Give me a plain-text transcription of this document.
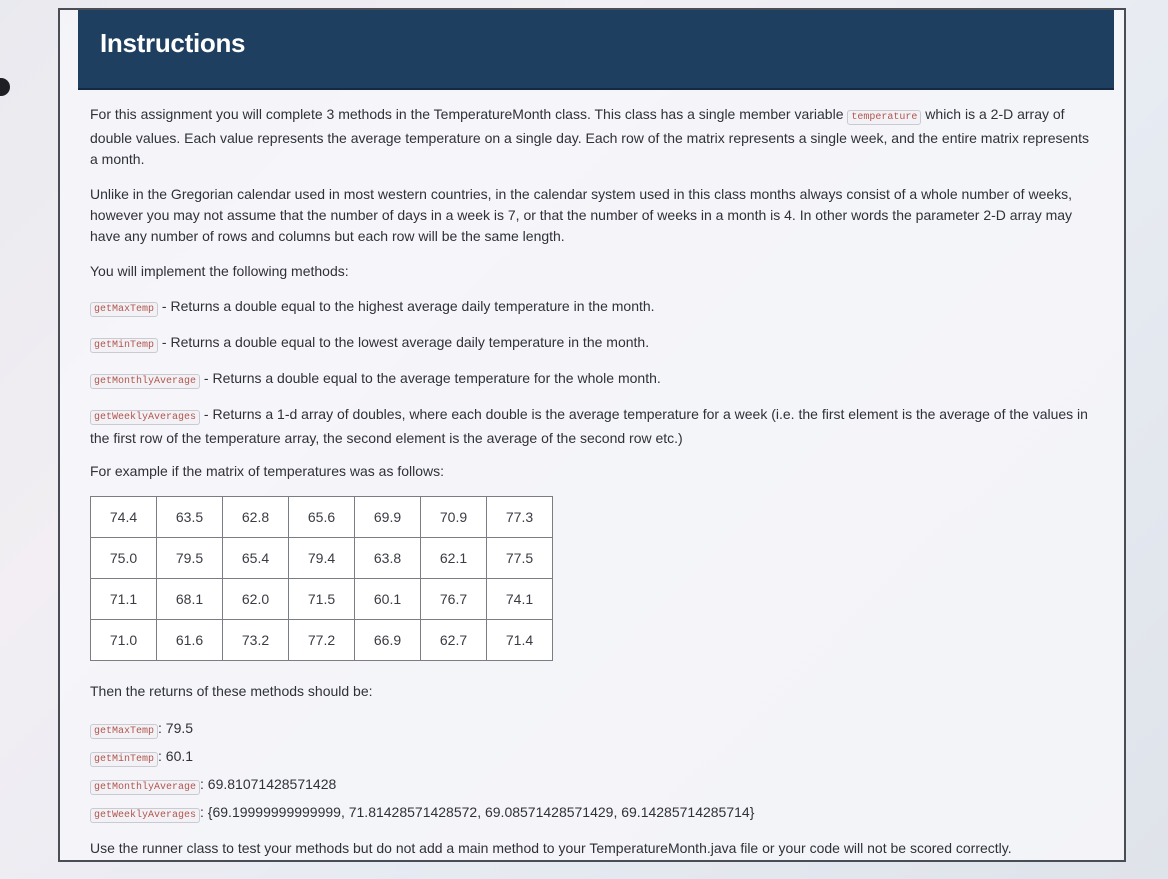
Instructions

For this assignment you will complete 3 methods in the TemperatureMonth class. This class has a single member variable temperature which is a 2-D array of double values. Each value represents the average temperature on a single day. Each row of the matrix represents a single week, and the entire matrix represents a month.

Unlike in the Gregorian calendar used in most western countries, in the calendar system used in this class months always consist of a whole number of weeks, however you may not assume that the number of days in a week is 7, or that the number of weeks in a month is 4. In other words the parameter 2-D array may have any number of rows and columns but each row will be the same length.

You will implement the following methods:

getMaxTemp - Returns a double equal to the highest average daily temperature in the month.
getMinTemp - Returns a double equal to the lowest average daily temperature in the month.
getMonthlyAverage - Returns a double equal to the average temperature for the whole month.
getWeeklyAverages - Returns a 1-d array of doubles, where each double is the average temperature for a week (i.e. the first element is the average of the values in the first row of the temperature array, the second element is the average of the second row etc.)

For example if the matrix of temperatures was as follows:

74.4	63.5	62.8	65.6	69.9	70.9	77.3
75.0	79.5	65.4	79.4	63.8	62.1	77.5
71.1	68.1	62.0	71.5	60.1	76.7	74.1
71.0	61.6	73.2	77.2	66.9	62.7	71.4

Then the returns of these methods should be:

getMaxTemp : 79.5
getMinTemp : 60.1
getMonthlyAverage : 69.81071428571428
getWeeklyAverages : {69.19999999999999, 71.81428571428572, 69.08571428571429, 69.14285714285714}

Use the runner class to test your methods but do not add a main method to your TemperatureMonth.java file or your code will not be scored correctly.
